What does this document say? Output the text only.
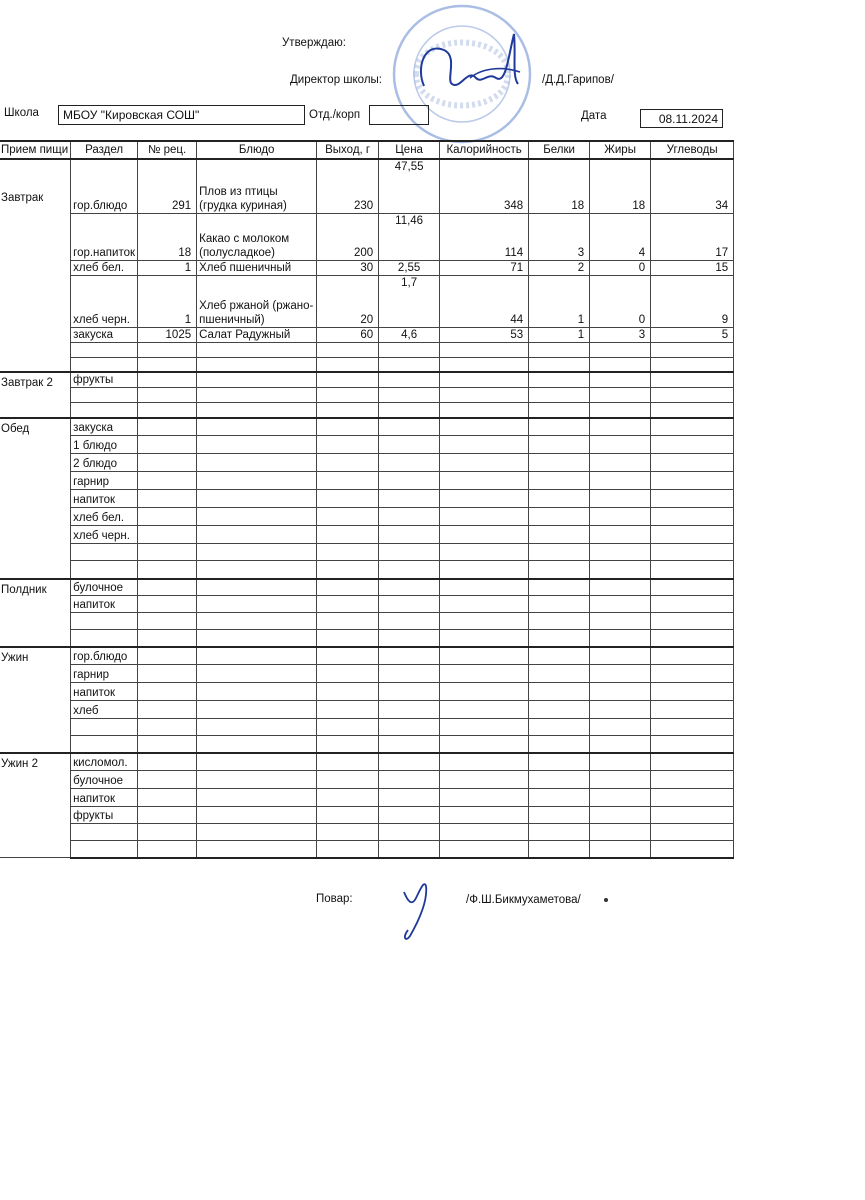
Утверждаю:
Директор школы:	/Д.Д.Гарипов/
Школа	МБОУ "Кировская СОШ"	Отд./корп	Дата	08.11.2024
Прием пищи	Раздел	№ рец.	Блюдо	Выход, г	Цена	Калорийность	Белки	Жиры	Углеводы
Завтрак	гор.блюдо	291	Плов из птицы (грудка куриная)	230	47,55	348	18	18	34
	гор.напиток	18	Какао с молоком (полусладкое)	200	11,46	114	3	4	17
	хлеб бел.	1	Хлеб пшеничный	30	2,55	71	2	0	15
	хлеб черн.	1	Хлеб ржаной (ржано-пшеничный)	20	1,7	44	1	0	9
	закуска	1025	Салат Радужный	60	4,6	53	1	3	5

Завтрак 2	фрукты								

Обед	закуска								
	1 блюдо								
	2 блюдо								
	гарнир								
	напиток								
	хлеб бел.								
	хлеб черн.								

Полдник	булочное								
	напиток								

Ужин	гор.блюдо								
	гарнир								
	напиток								
	хлеб								

Ужин 2	кисломол.								
	булочное								
	напиток								
	фрукты								

Повар:	/Ф.Ш.Бикмухаметова/
